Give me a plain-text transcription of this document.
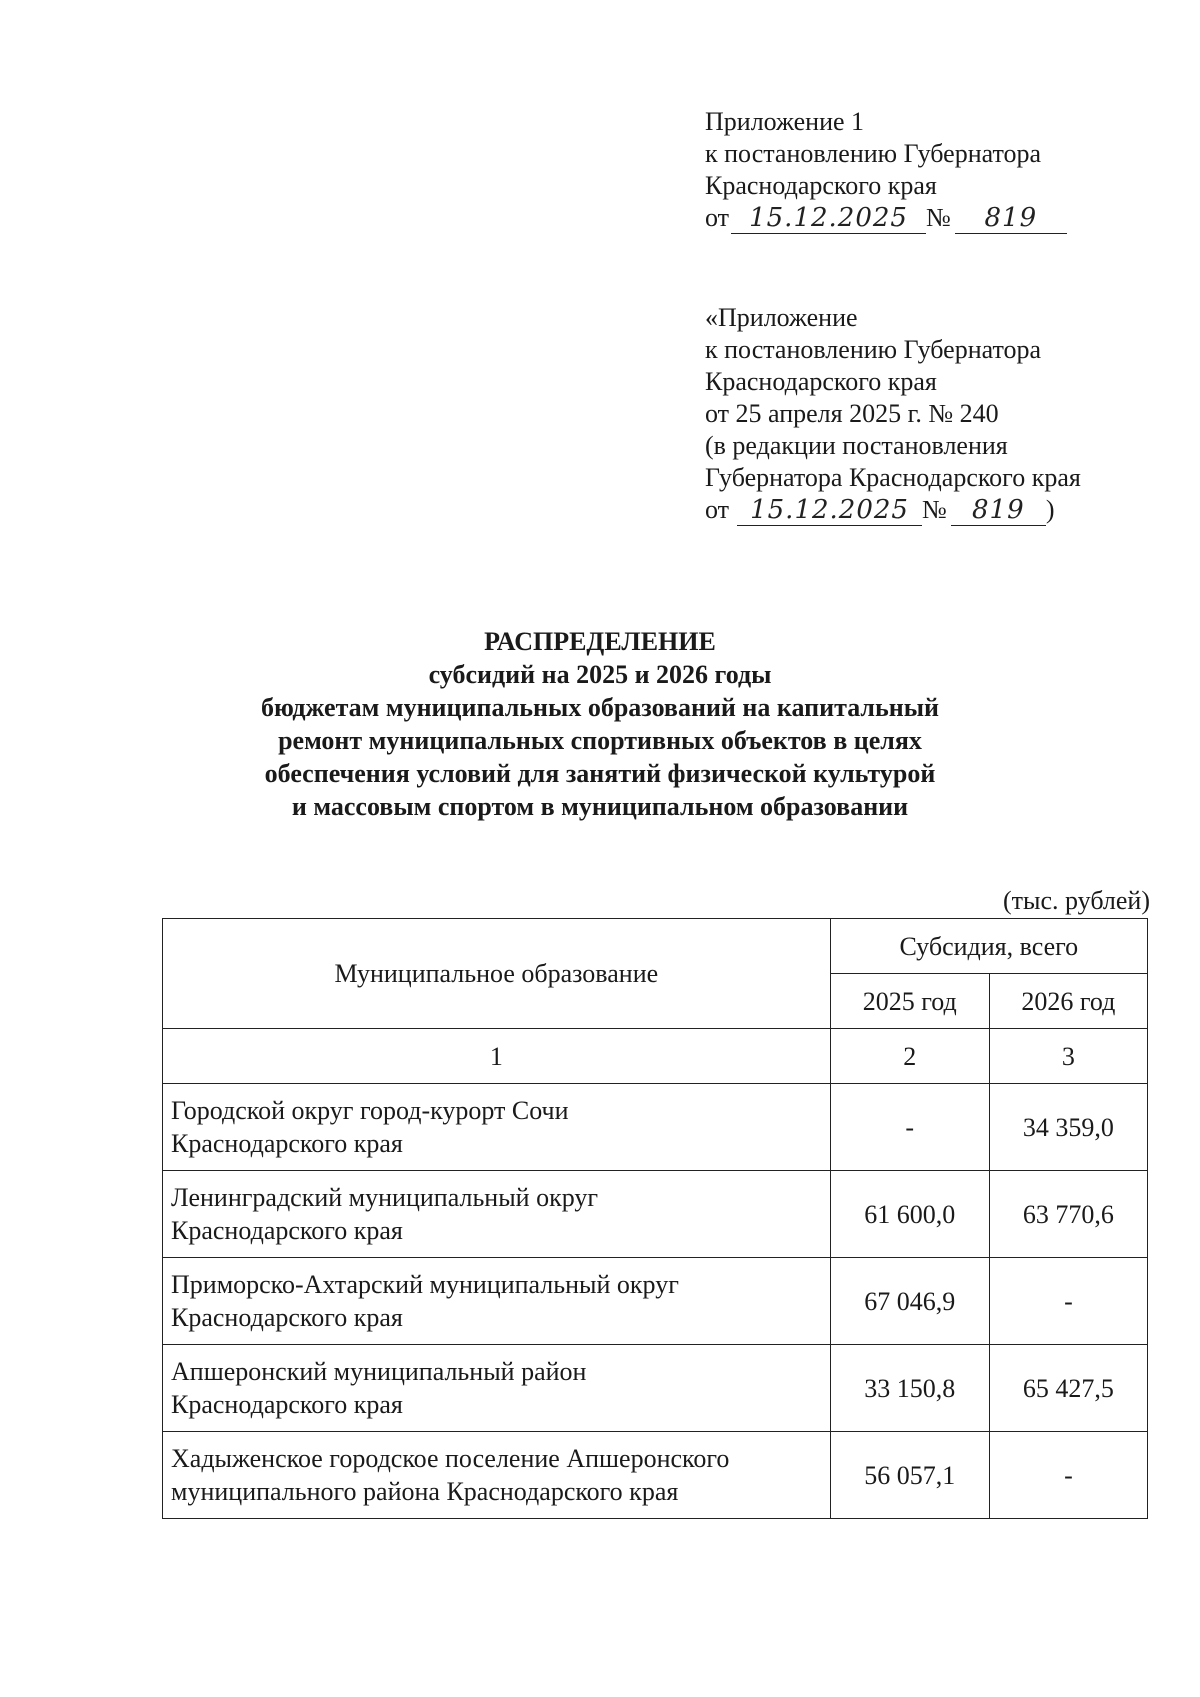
Приложение 1
к постановлению Губернатора
Краснодарского края
от 15.12.2025 № 819
«Приложение
к постановлению Губернатора
Краснодарского края
от 25 апреля 2025 г. № 240
(в редакции постановления
Губернатора Краснодарского края
от 15.12.2025 № 819 )
РАСПРЕДЕЛЕНИЕ
субсидий на 2025 и 2026 годы
бюджетам муниципальных образований на капитальный
ремонт муниципальных спортивных объектов в целях
обеспечения условий для занятий физической культурой
и массовым спортом в муниципальном образовании
(тыс. рублей)
Муниципальное образование	Субсидия, всего	
	2025 год	2026 год
1	2	3

Городской округ город-курорт Сочи
Краснодарского края	-	34 359,0

Ленинградский муниципальный округ
Краснодарского края	61 600,0	63 770,6

Приморско-Ахтарский муниципальный округ
Краснодарского края	67 046,9	-

Апшеронский муниципальный район
Краснодарского края	33 150,8	65 427,5

Хадыженское городское поселение Апшеронского
муниципального района Краснодарского края	56 057,1	-
